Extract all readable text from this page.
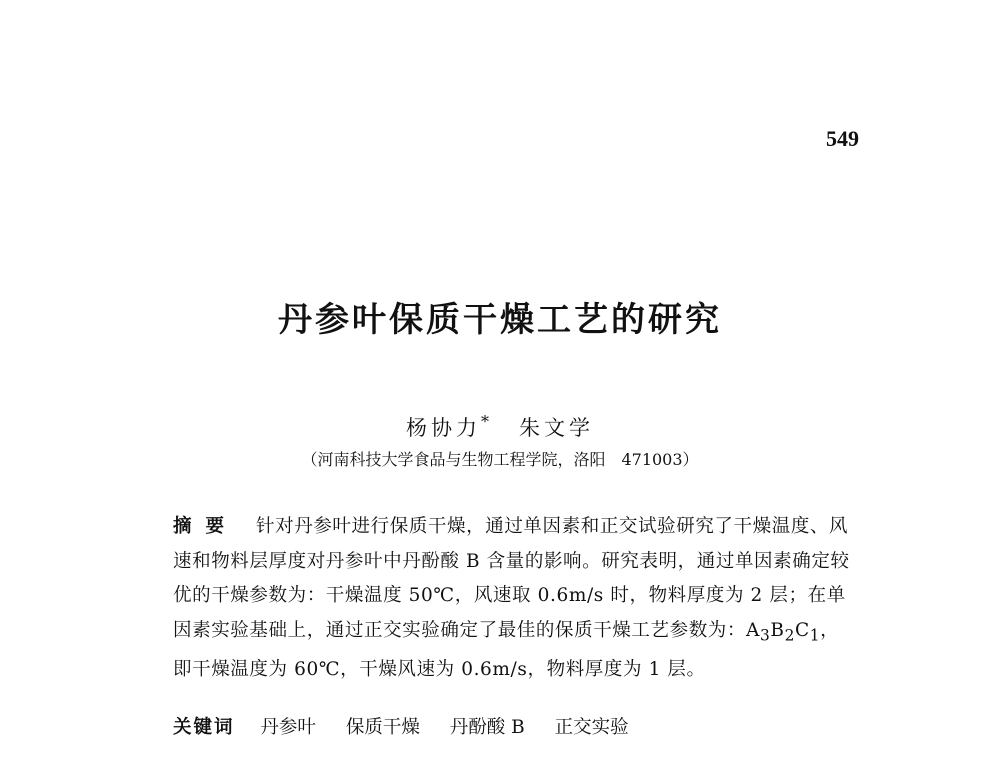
549
丹参叶保质干燥工艺的研究
杨协力* 朱文学
（河南科技大学食品与生物工程学院，洛阳 471003）
摘要 针对丹参叶进行保质干燥，通过单因素和正交试验研究了干燥温度、风速和物料层厚度对丹参叶中丹酚酸 B 含量的影响。研究表明，通过单因素确定较优的干燥参数为：干燥温度 50℃，风速取 0.6m/s 时，物料厚度为 2 层；在单因素实验基础上，通过正交实验确定了最佳的保质干燥工艺参数为：$A_3B_2C_1$，即干燥温度为 60℃，干燥风速为 0.6m/s，物料厚度为 1 层。
关键词 丹参叶 保质干燥 丹酚酸 B 正交实验
